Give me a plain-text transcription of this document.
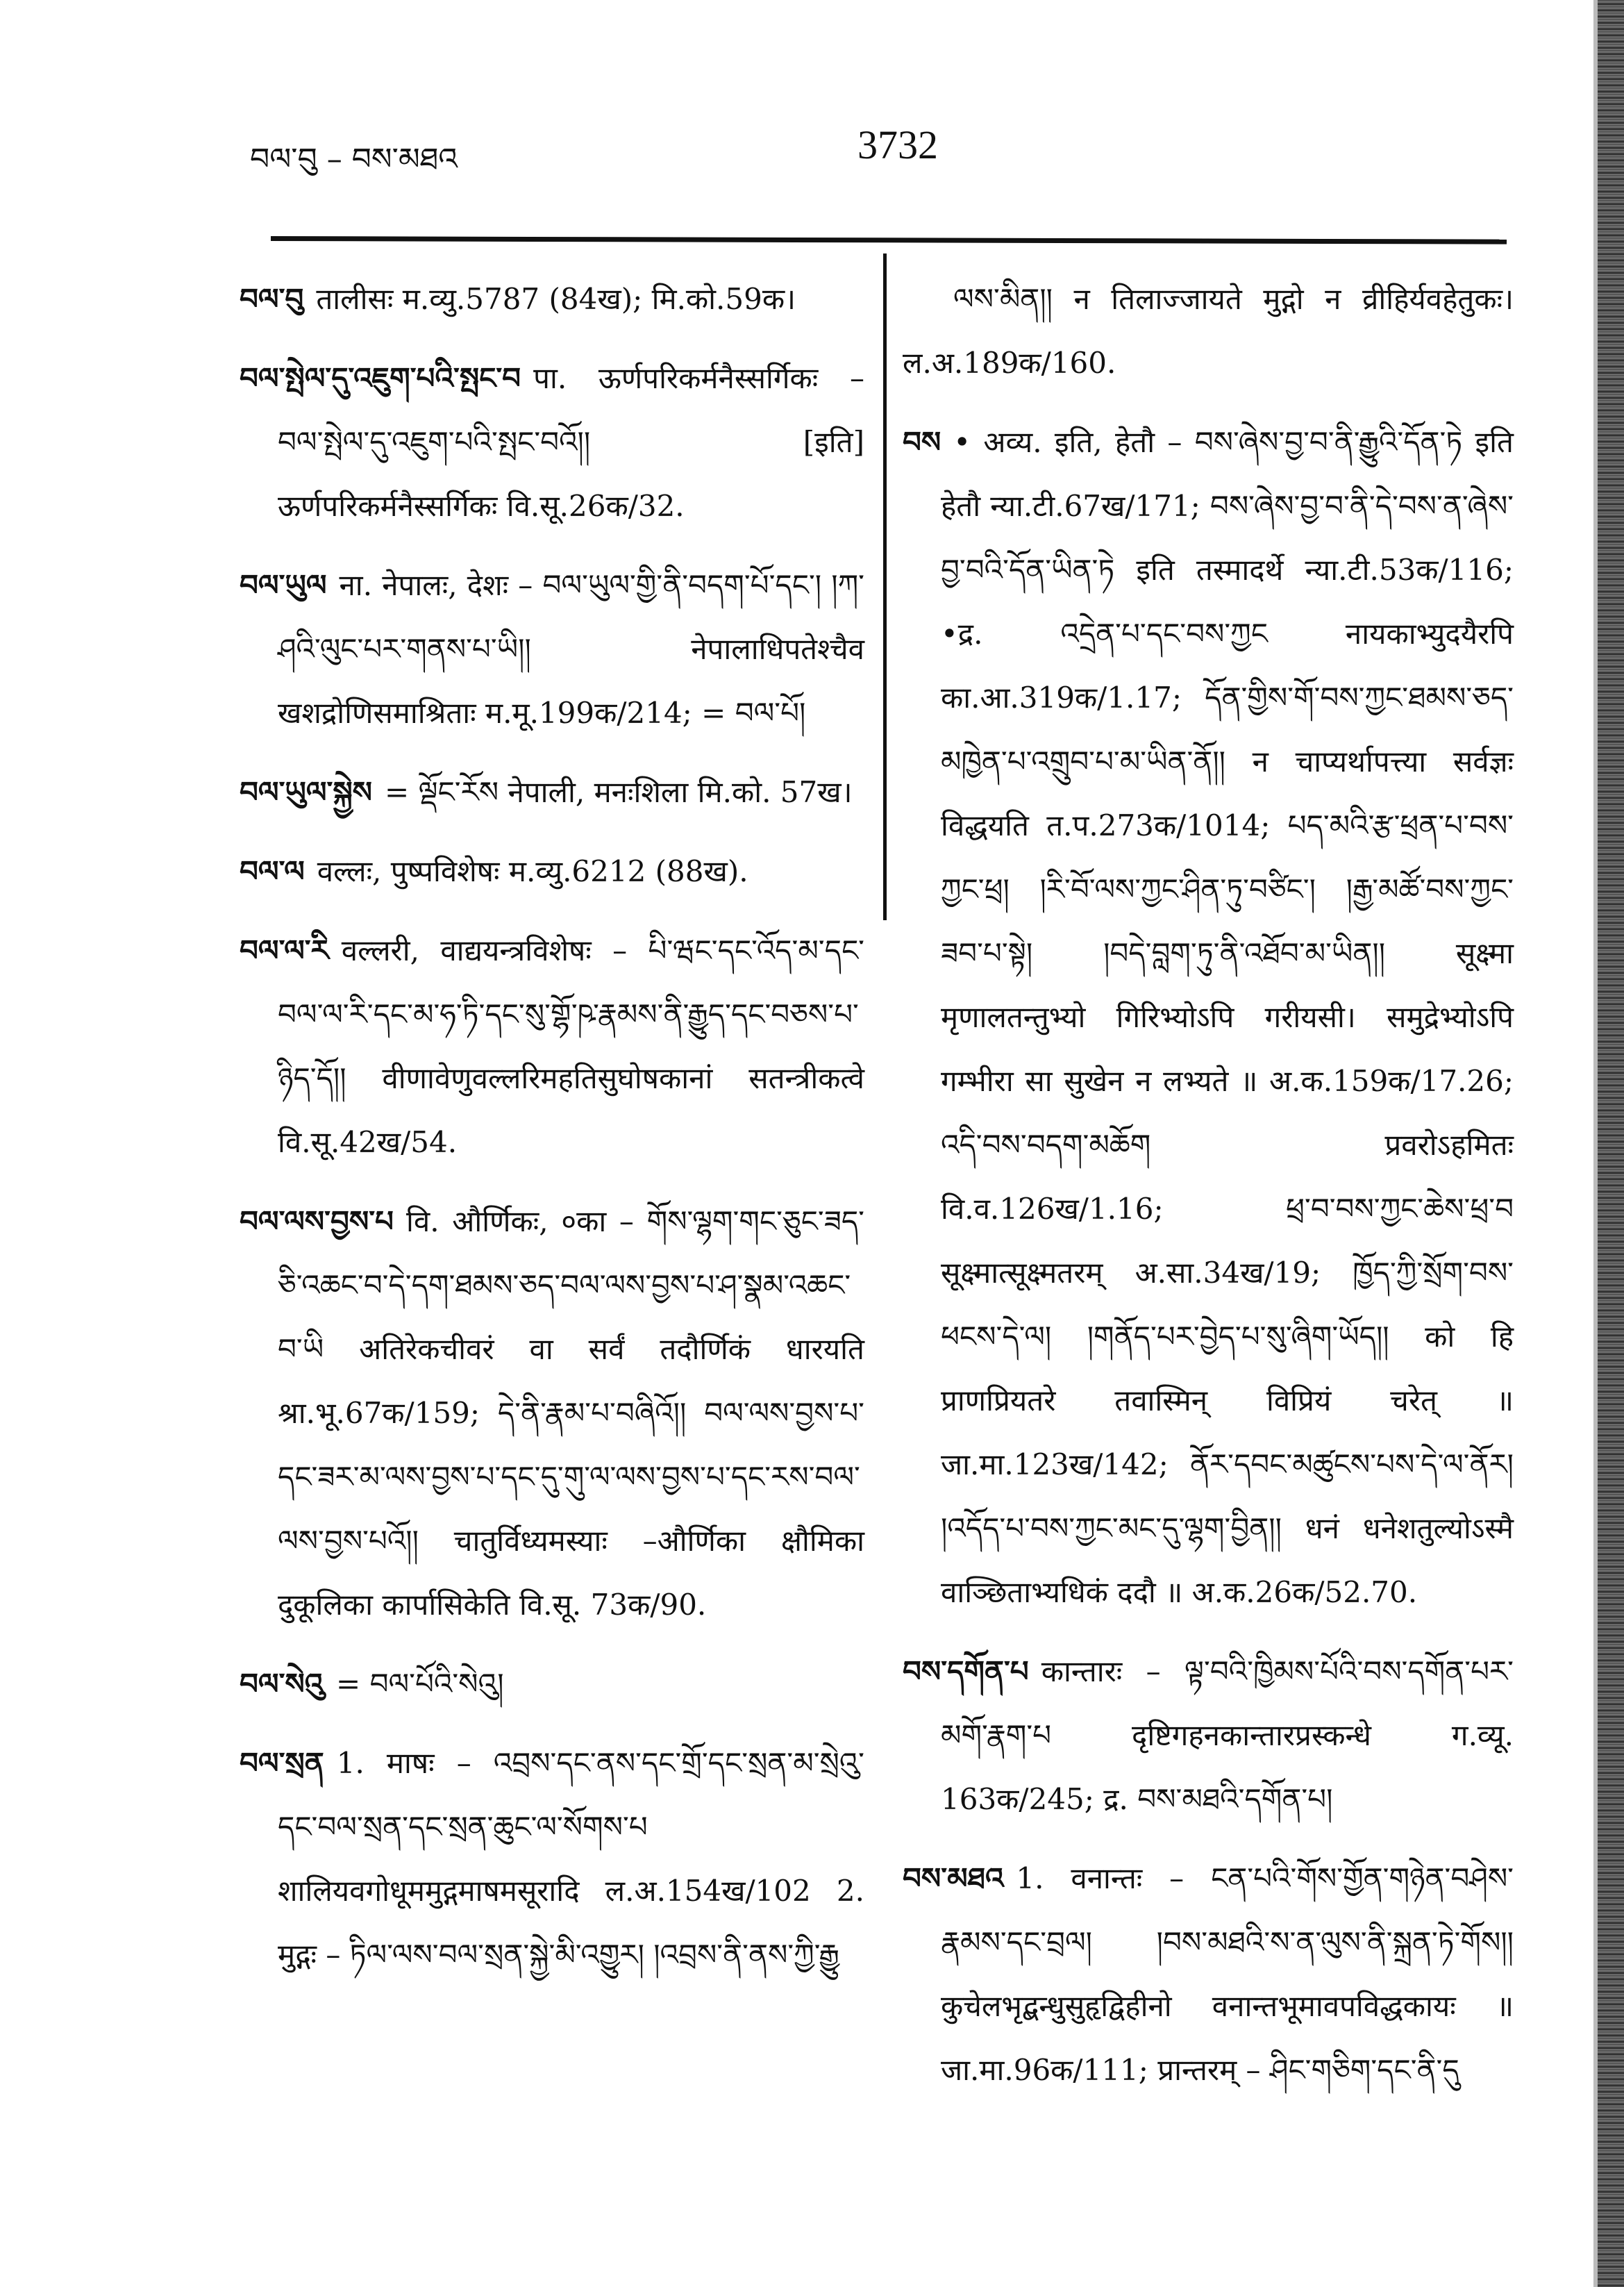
བལ་བུ – བས་མཐའ	3732

བལ་བུ तालीसः म.व्यु.5787 (84ख); मि.को.59क।

བལ་སྤེལ་དུ་འཇུག་པའི་སྤང་བ पा. ऊर्णपरिकर्मनैस्सर्गिकः – བལ་སྤེལ་དུ་འཇུག་པའི་སྤང་བའོ།། [इति] ऊर्णपरिकर्मनैस्सर्गिकः वि.सू.26क/32.

བལ་ཡུལ ना. नेपालः, देशः – བལ་ཡུལ་གྱི་ནི་བདག་པོ་དང་། །ཀ་ཤའི་ལུང་པར་གནས་པ་ཡི།། नेपालाधिपतेश्चैव खशद्रोणिसमाश्रिताः म.मू.199क/214; = བལ་པོ།

བལ་ཡུལ་སྐྱེས = ལྡོང་རོས नेपाली, मनःशिला मि.को. 57ख।

བལ་ལ वल्लः, पुष्पविशेषः म.व्यु.6212 (88ख).

བལ་ལ་རི वल्लरी, वाद्ययन्त्रविशेषः – པི་ཝང་དང་འོད་མ་དང་བལ་ལ་རི་དང་མ་ཧ་ཏི་དང་སུ་གྷོ་ཥ་རྣམས་ནི་རྒྱུད་དང་བཅས་པ་ཉིད་དོ།། वीणावेणुवल्लरिमहतिसुघोषकानां सतन्त्रीकत्वे वि.सू.42ख/54.

བལ་ལས་བྱས་པ वि. और्णिकः, ०का – གོས་ལྷག་གང་ཅུང་ཟད་ཅི་འཆང་བ་དེ་དག་ཐམས་ཅད་བལ་ལས་བྱས་པ་ཤ་སྣམ་འཆང་བ་ཡི अतिरेकचीवरं वा सर्वं तदौर्णिकं धारयति श्रा.भू.67क/159; དེ་ནི་རྣམ་པ་བཞིའོ།། བལ་ལས་བྱས་པ་དང་ཟར་མ་ལས་བྱས་པ་དང་དུ་གུ་ལ་ལས་བྱས་པ་དང་རས་བལ་ལས་བྱས་པའོ།། चातुर्विध्यमस्याः –और्णिका क्षौमिका दुकूलिका कार्पासिकेति वि.सू. 73क/90.

བལ་སེའུ = བལ་པོའི་སེའུ།

བལ་སྲན 1. माषः – འབྲས་དང་ནས་དང་གྲོ་དང་སྲན་མ་སྲེའུ་དང་བལ་སྲན་དང་སྲན་ཆུང་ལ་སོགས་པ शालियवगोधूममुद्गमाषमसूरादि ल.अ.154ख/102 2. मुद्गः – ཏིལ་ལས་བལ་སྲན་སྐྱེ་མི་འགྱུར། །འབྲས་ནི་ནས་ཀྱི་རྒྱུ

ལས་མིན།། न तिलाज्जायते मुद्गो न व्रीहिर्यवहेतुकः। ल.अ.189क/160.

བས • अव्य. इति, हेतौ – བས་ཞེས་བྱ་བ་ནི་རྒྱུའི་དོན་ཏེ इति हेतौ न्या.टी.67ख/171; བས་ཞེས་བྱ་བ་ནི་དེ་བས་ན་ཞེས་བྱ་བའི་དོན་ཡིན་ཏེ इति तस्मादर्थे न्या.टी.53क/116; •द्र. འདྲེན་པ་དང་བས་ཀྱང नायकाभ्युदयैरपि का.आ.319क/1.17; དོན་གྱིས་གོ་བས་ཀྱང་ཐམས་ཅད་མཁྱེན་པ་འགྲུབ་པ་མ་ཡིན་ནོ།། न चाप्यर्थापत्त्या सर्वज्ञः विद्धयति त.प.273क/1014; པད་མའི་རྩ་ཕྲན་པ་བས་ཀྱང་ཕྲ། །རི་བོ་ལས་ཀྱང་ཤིན་ཏུ་བཙིང་། །རྒྱ་མཚོ་བས་ཀྱང་ཟབ་པ་སྟེ། །བདེ་བླག་ཏུ་ནི་འཐོབ་མ་ཡིན།། सूक्ष्मा मृणालतन्तुभ्यो गिरिभ्योऽपि गरीयसी। समुद्रेभ्योऽपि गम्भीरा सा सुखेन न लभ्यते ॥ अ.क.159क/17.26; འདི་བས་བདག་མཆོག प्रवरोऽहमितः वि.व.126ख/1.16; ཕྲ་བ་བས་ཀྱང་ཆེས་ཕྲ་བ सूक्ष्मात्सूक्ष्मतरम् अ.सा.34ख/19; ཁྱོད་ཀྱི་སྲོག་བས་ཕངས་དེ་ལ། །གནོད་པར་བྱེད་པ་སུ་ཞིག་ཡོད།། को हि प्राणप्रियतरे तवास्मिन् विप्रियं चरेत् ॥ जा.मा.123ख/142; ནོར་དབང་མཚུངས་པས་དེ་ལ་ནོར། །འདོད་པ་བས་ཀྱང་མང་དུ་ལྷག་བྱིན།། धनं धनेशतुल्योऽस्मै वाञ्छिताभ्यधिकं ददौ ॥ अ.क.26क/52.70.

བས་དགོན་པ कान्तारः – ལྟ་བའི་ཁྱིམས་པོའི་བས་དགོན་པར་མགོ་རྣག་པ दृष्टिगहनकान्तारप्रस्कन्धे ग.व्यू. 163क/245; द्र. བས་མཐའི་དགོན་པ།

བས་མཐའ 1. वनान्तः – ངན་པའི་གོས་གྱོན་གཉེན་བཤེས་རྣམས་དང་བྲལ། །བས་མཐའི་ས་ན་ལུས་ནི་སྐྲན་ཏེ་གོས།། कुचेलभृद्बन्धुसुहृद्विहीनो वनान्तभूमावपविद्धकायः ॥ जा.मा.96क/111; प्रान्तरम् – ཤིང་གཅིག་དང་ནི་དུ
